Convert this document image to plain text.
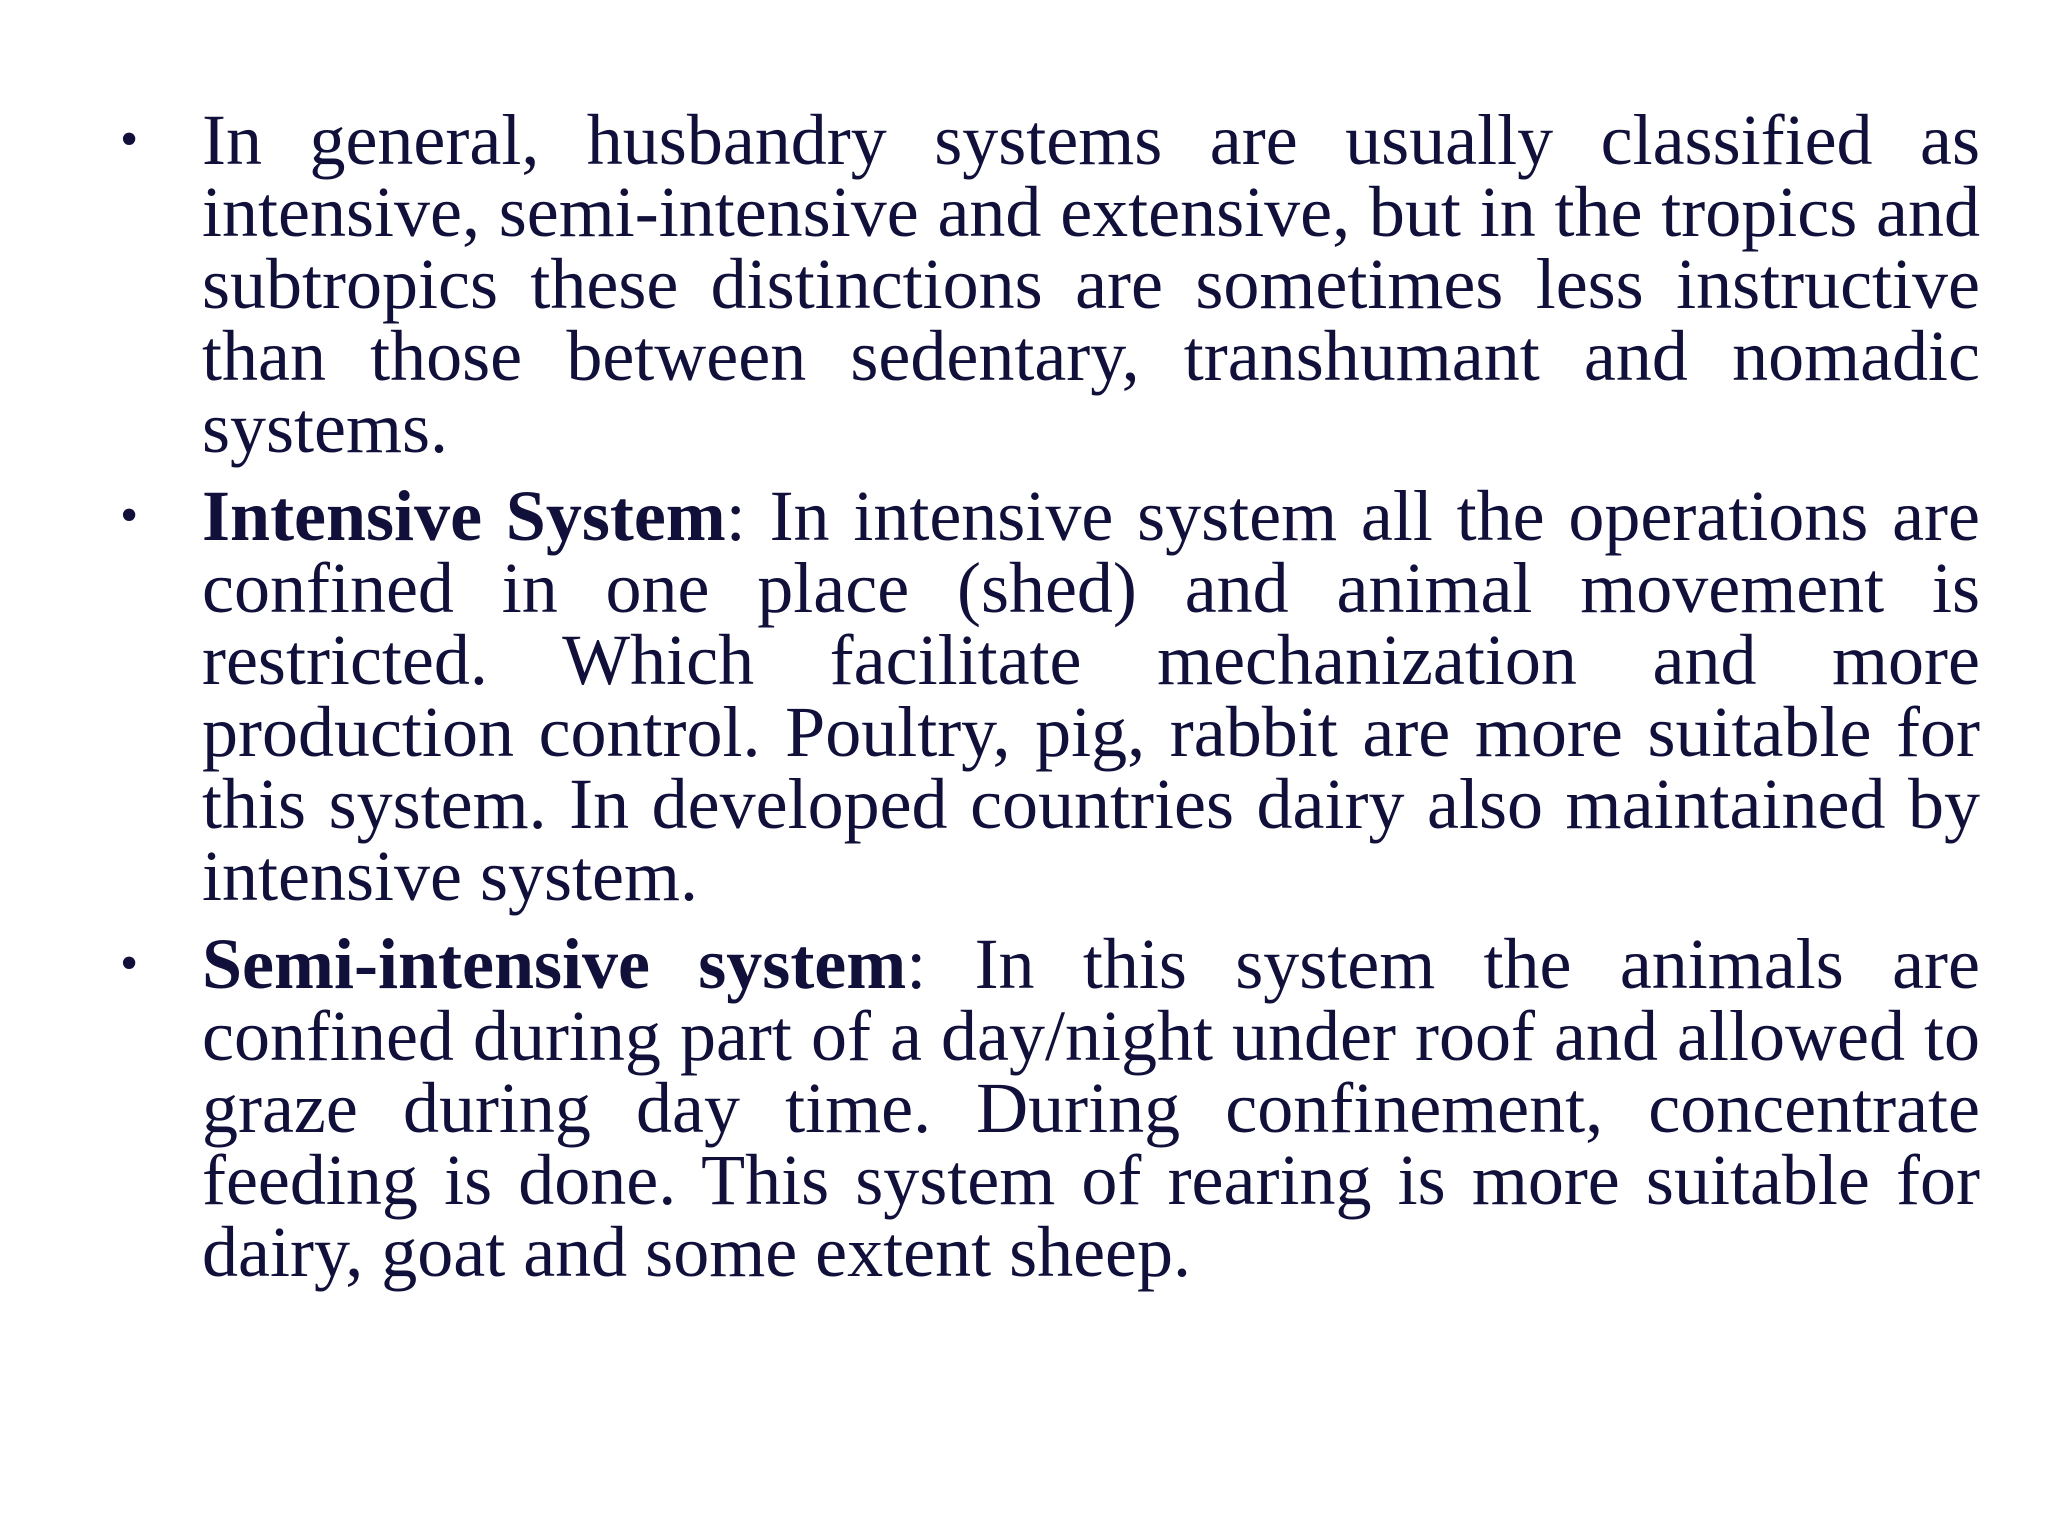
• In general, husbandry systems are usually classified as intensive, semi-intensive and extensive, but in the tropics and subtropics these distinctions are sometimes less instructive than those between sedentary, transhumant and nomadic systems.
• Intensive System: In intensive system all the operations are confined in one place (shed) and animal movement is restricted. Which facilitate mechanization and more production control. Poultry, pig, rabbit are more suitable for this system. In developed countries dairy also maintained by intensive system.
• Semi-intensive system: In this system the animals are confined during part of a day/night under roof and allowed to graze during day time. During confinement, concentrate feeding is done. This system of rearing is more suitable for dairy, goat and some extent sheep.
